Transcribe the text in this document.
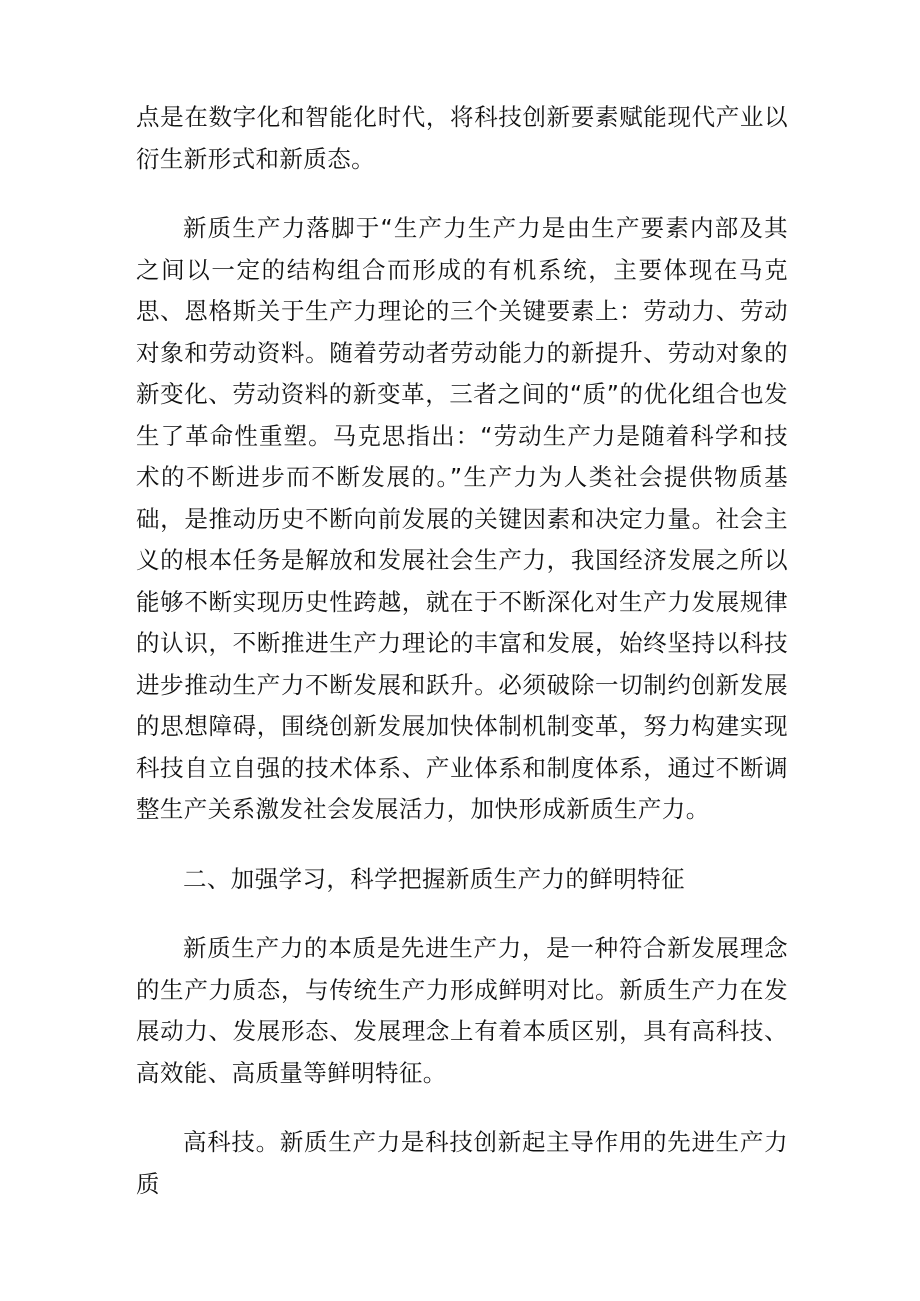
点是在数字化和智能化时代，将科技创新要素赋能现代产业以衍生新形式和新质态。

新质生产力落脚于“生产力生产力是由生产要素内部及其之间以一定的结构组合而形成的有机系统，主要体现在马克思、恩格斯关于生产力理论的三个关键要素上：劳动力、劳动对象和劳动资料。随着劳动者劳动能力的新提升、劳动对象的新变化、劳动资料的新变革，三者之间的“质”的优化组合也发生了革命性重塑。马克思指出：“劳动生产力是随着科学和技术的不断进步而不断发展的。”生产力为人类社会提供物质基础，是推动历史不断向前发展的关键因素和决定力量。社会主义的根本任务是解放和发展社会生产力，我国经济发展之所以能够不断实现历史性跨越，就在于不断深化对生产力发展规律的认识，不断推进生产力理论的丰富和发展，始终坚持以科技进步推动生产力不断发展和跃升。必须破除一切制约创新发展的思想障碍，围绕创新发展加快体制机制变革，努力构建实现科技自立自强的技术体系、产业体系和制度体系，通过不断调整生产关系激发社会发展活力，加快形成新质生产力。

二、加强学习，科学把握新质生产力的鲜明特征

新质生产力的本质是先进生产力，是一种符合新发展理念的生产力质态，与传统生产力形成鲜明对比。新质生产力在发展动力、发展形态、发展理念上有着本质区别，具有高科技、高效能、高质量等鲜明特征。

高科技。新质生产力是科技创新起主导作用的先进生产力质
